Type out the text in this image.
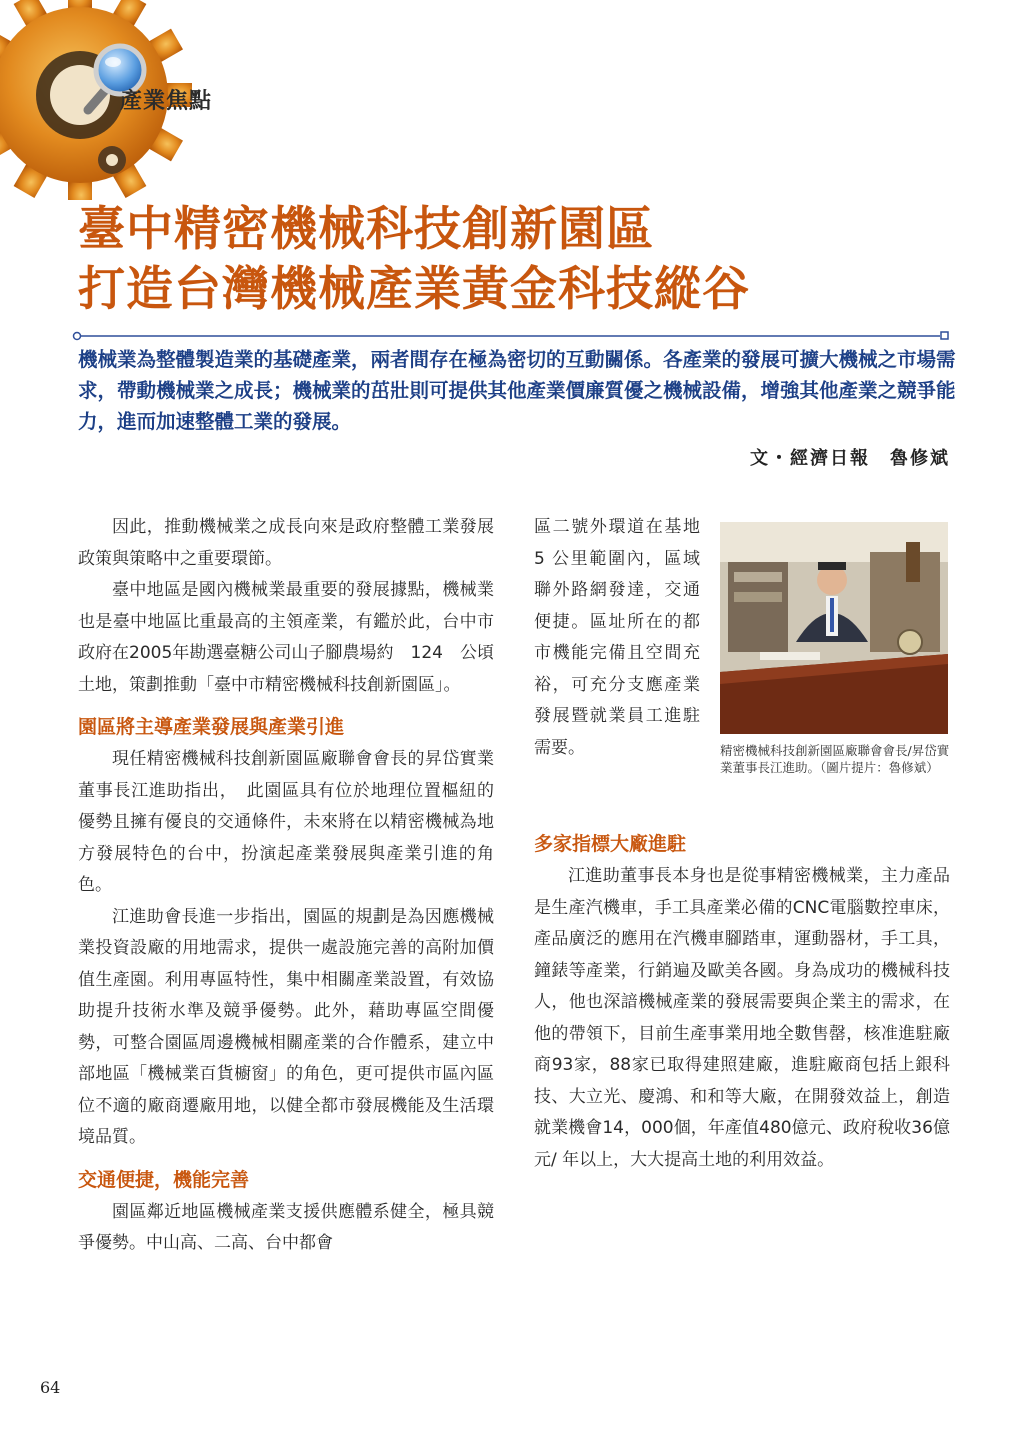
產業焦點
臺中精密機械科技創新園區
打造台灣機械產業黃金科技縱谷

機械業為整體製造業的基礎產業，兩者間存在極為密切的互動關係。各產業的發展可擴大機械之市場需求，帶動機械業之成長；機械業的茁壯則可提供其他產業價廉質優之機械設備，增強其他產業之競爭能力，進而加速整體工業的發展。

文・經濟日報　魯修斌

因此，推動機械業之成長向來是政府整體工業發展政策與策略中之重要環節。

臺中地區是國內機械業最重要的發展據點，機械業也是臺中地區比重最高的主領產業，有鑑於此，台中市政府在2005年勘選臺糖公司山子腳農場約　124　公頃土地，策劃推動「臺中市精密機械科技創新園區」。

園區將主導產業發展與產業引進

現任精密機械科技創新園區廠聯會會長的昇岱實業董事長江進助指出，　此園區具有位於地理位置樞紐的優勢且擁有優良的交通條件，未來將在以精密機械為地方發展特色的台中，扮演起產業發展與產業引進的角色。

江進助會長進一步指出，園區的規劃是為因應機械業投資設廠的用地需求，提供一處設施完善的高附加價值生產園。利用專區特性，集中相關產業設置，有效協助提升技術水準及競爭優勢。此外，藉助專區空間優勢，可整合園區周邊機械相關產業的合作體系，建立中部地區「機械業百貨櫥窗」的角色，更可提供市區內區位不適的廠商遷廠用地，以健全都市發展機能及生活環境品質。

交通便捷，機能完善

園區鄰近地區機械產業支援供應體系健全，極具競爭優勢。中山高、二高、台中都會

區二號外環道在基地 5 公里範圍內，區域聯外路網發達，交通便捷。區址所在的都市機能完備且空間充裕，可充分支應產業發展暨就業員工進駐需要。	精密機械科技創新園區廠聯會會長/昇岱實業董事長江進助。（圖片提片：魯修斌）

多家指標大廠進駐

江進助董事長本身也是從事精密機械業，主力產品是生產汽機車，手工具產業必備的CNC電腦數控車床，產品廣泛的應用在汽機車腳踏車，運動器材，手工具，鐘錶等產業，行銷遍及歐美各國。身為成功的機械科技人，他也深諳機械產業的發展需要與企業主的需求，在他的帶領下，目前生產事業用地全數售罄，核准進駐廠商93家，88家已取得建照建廠，進駐廠商包括上銀科技、大立光、慶鴻、和和等大廠，在開發效益上，創造就業機會14，000個，年產值480億元、政府稅收36億元/ 年以上，大大提高土地的利用效益。

64
